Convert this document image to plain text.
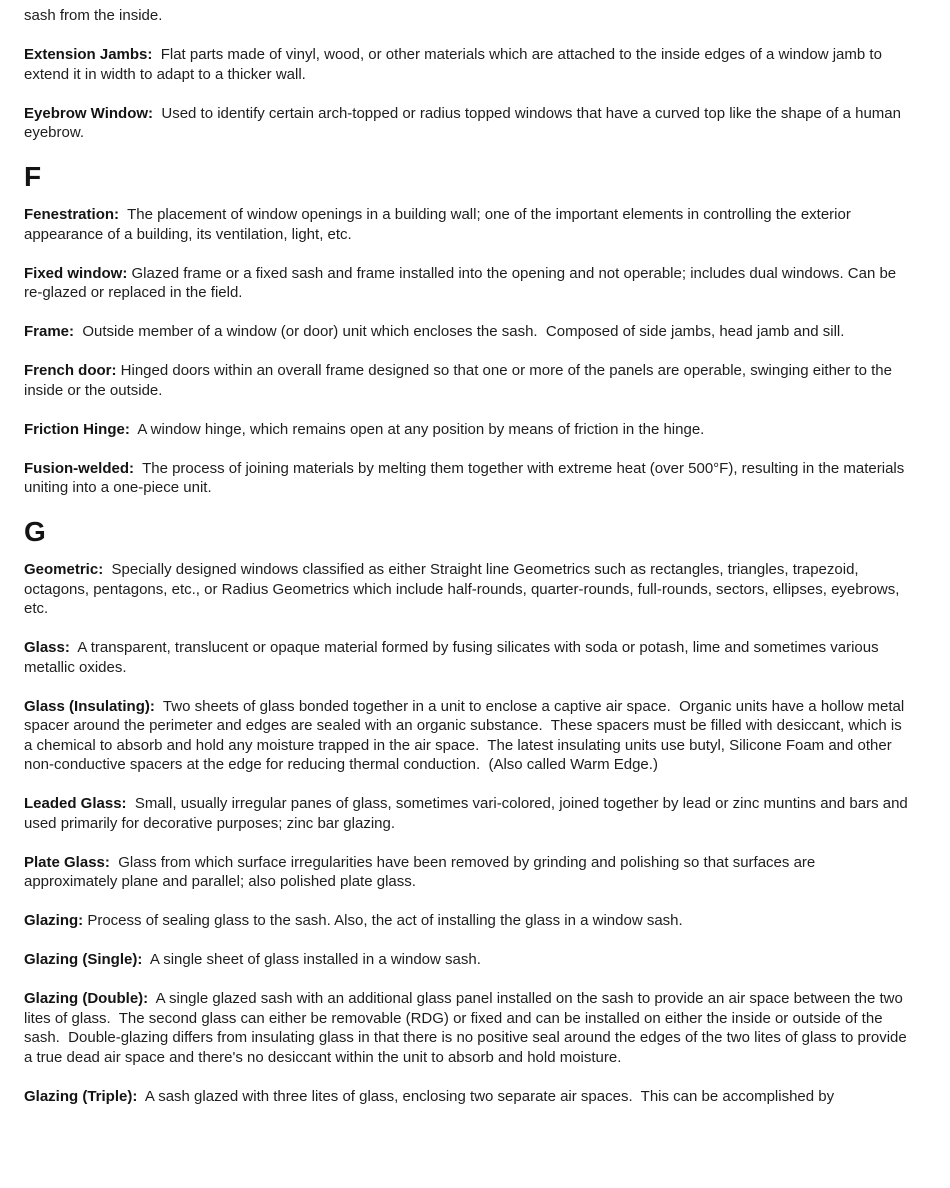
sash from the inside.

Extension Jambs:  Flat parts made of vinyl, wood, or other materials which are attached to the inside edges of a window jamb to extend it in width to adapt to a thicker wall.

Eyebrow Window:  Used to identify certain arch-topped or radius topped windows that have a curved top like the shape of a human eyebrow.

F

Fenestration:  The placement of window openings in a building wall; one of the important elements in controlling the exterior appearance of a building, its ventilation, light, etc.

Fixed window: Glazed frame or a fixed sash and frame installed into the opening and not operable; includes dual windows. Can be re-glazed or replaced in the field.

Frame:  Outside member of a window (or door) unit which encloses the sash.  Composed of side jambs, head jamb and sill.

French door: Hinged doors within an overall frame designed so that one or more of the panels are operable, swinging either to the inside or the outside.

Friction Hinge:  A window hinge, which remains open at any position by means of friction in the hinge.

Fusion-welded:  The process of joining materials by melting them together with extreme heat (over 500°F), resulting in the materials uniting into a one-piece unit.

G

Geometric:  Specially designed windows classified as either Straight line Geometrics such as rectangles, triangles, trapezoid, octagons, pentagons, etc., or Radius Geometrics which include half-rounds, quarter-rounds, full-rounds, sectors, ellipses, eyebrows, etc.

Glass:  A transparent, translucent or opaque material formed by fusing silicates with soda or potash, lime and sometimes various metallic oxides.

Glass (Insulating):  Two sheets of glass bonded together in a unit to enclose a captive air space.  Organic units have a hollow metal spacer around the perimeter and edges are sealed with an organic substance.  These spacers must be filled with desiccant, which is a chemical to absorb and hold any moisture trapped in the air space.  The latest insulating units use butyl, Silicone Foam and other non-conductive spacers at the edge for reducing thermal conduction.  (Also called Warm Edge.)

Leaded Glass:  Small, usually irregular panes of glass, sometimes vari-colored, joined together by lead or zinc muntins and bars and used primarily for decorative purposes; zinc bar glazing.

Plate Glass:  Glass from which surface irregularities have been removed by grinding and polishing so that surfaces are approximately plane and parallel; also polished plate glass.

Glazing: Process of sealing glass to the sash. Also, the act of installing the glass in a window sash.

Glazing (Single):  A single sheet of glass installed in a window sash.

Glazing (Double):  A single glazed sash with an additional glass panel installed on the sash to provide an air space between the two lites of glass.  The second glass can either be removable (RDG) or fixed and can be installed on either the inside or outside of the sash.  Double-glazing differs from insulating glass in that there is no positive seal around the edges of the two lites of glass to provide a true dead air space and there's no desiccant within the unit to absorb and hold moisture.

Glazing (Triple):  A sash glazed with three lites of glass, enclosing two separate air spaces.  This can be accomplished by
